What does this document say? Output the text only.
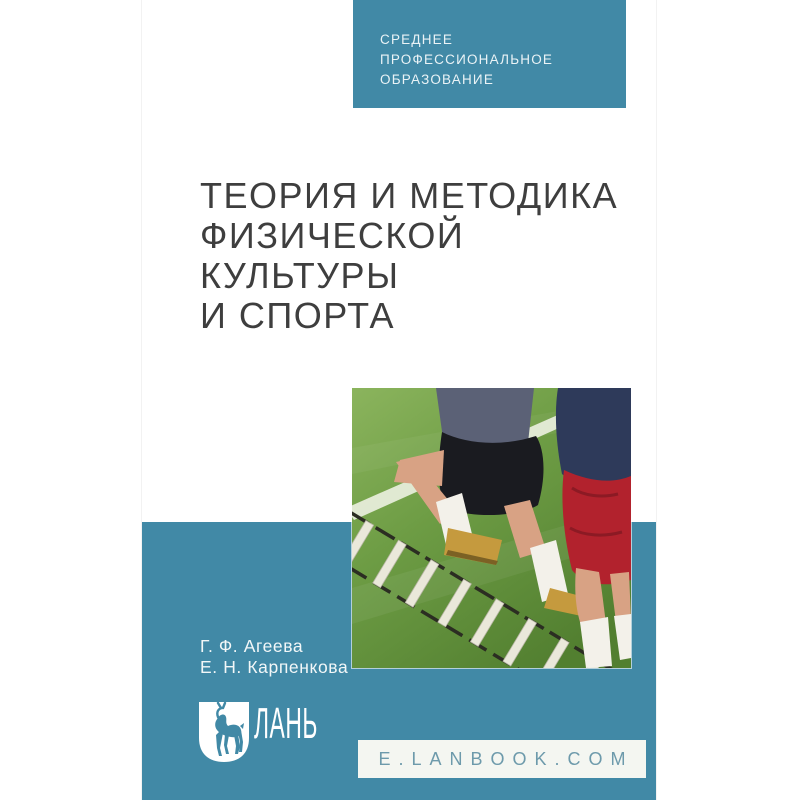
СРЕДНЕЕ
ПРОФЕССИОНАЛЬНОЕ
ОБРАЗОВАНИЕ
ТЕОРИЯ И МЕТОДИКА
ФИЗИЧЕСКОЙ КУЛЬТУРЫ
И СПОРТА
Г. Ф. Агеева
Е. Н. Карпенкова
ЛАНЬ
E.LANBOOK.COM
